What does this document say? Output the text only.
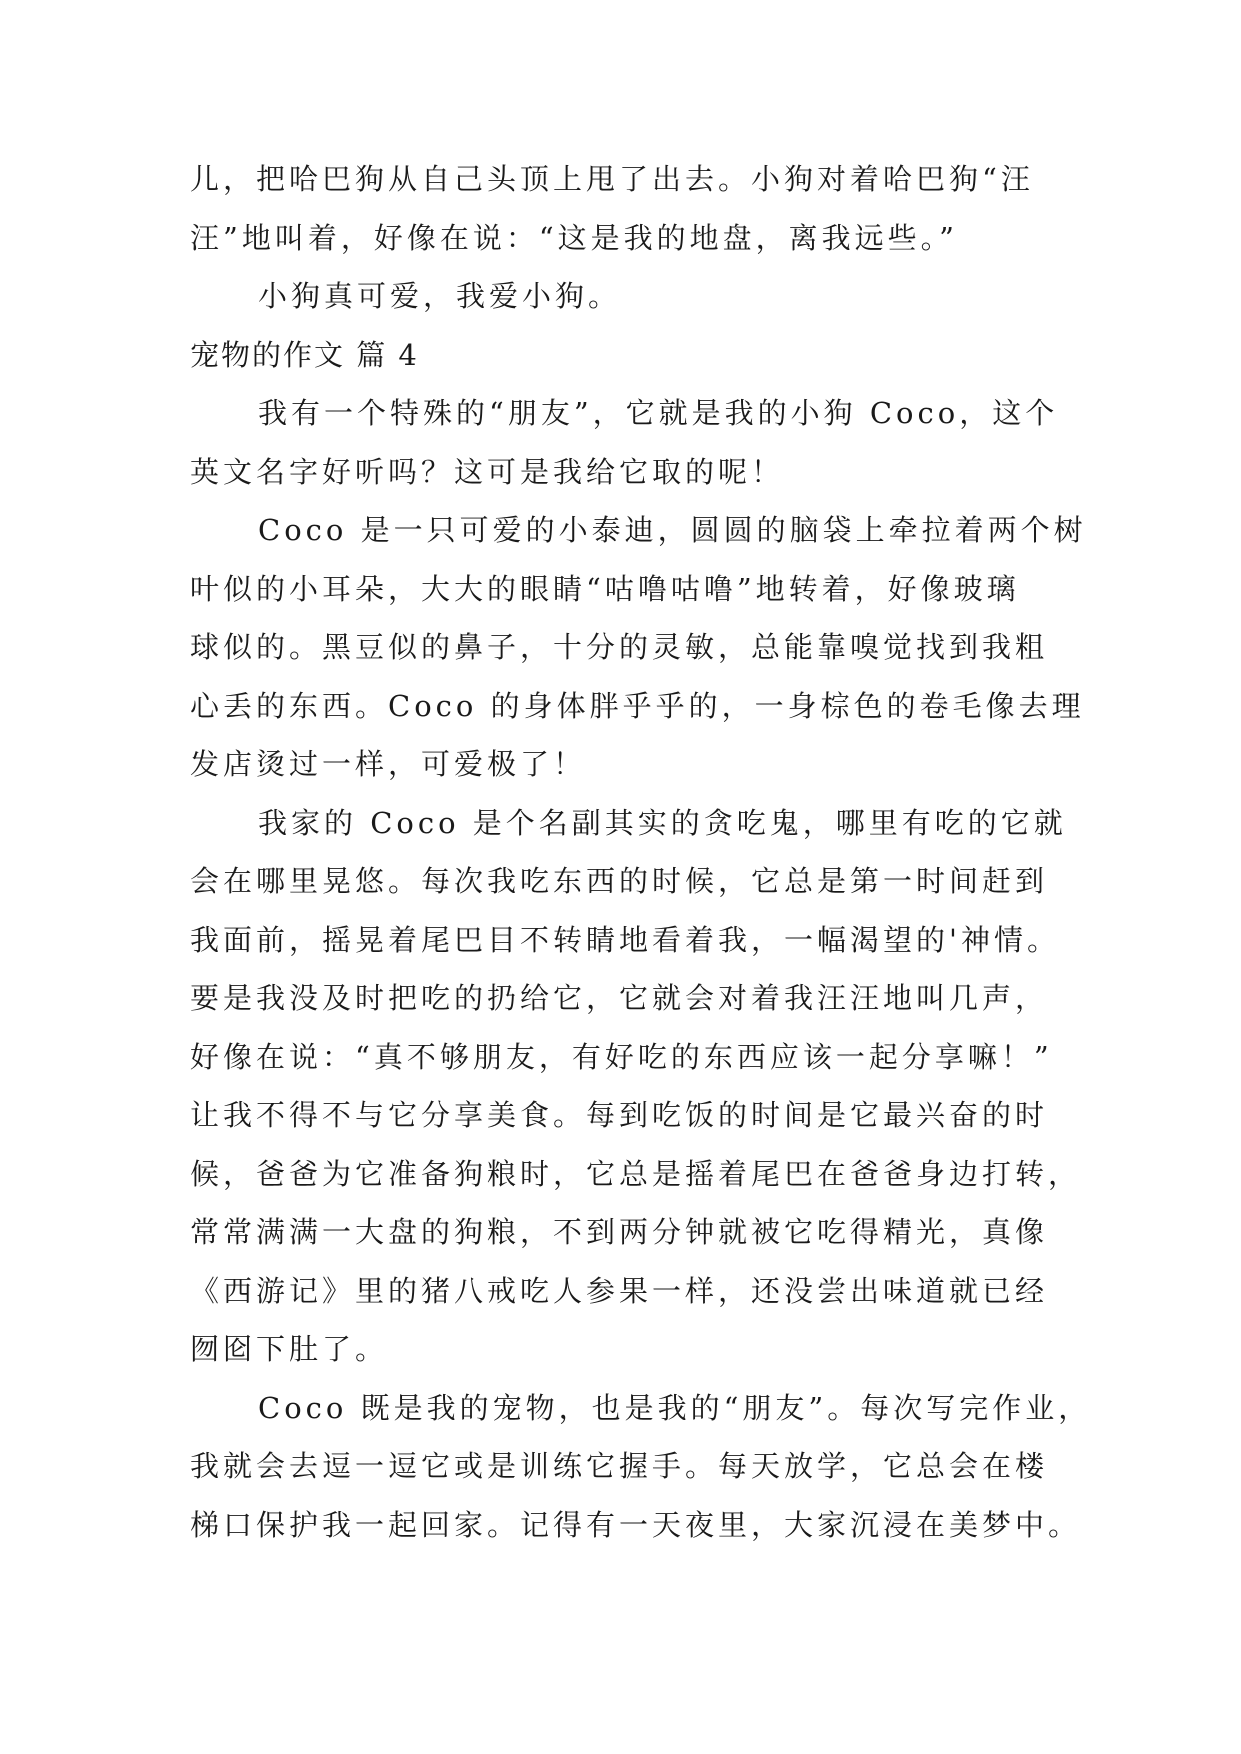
儿，把哈巴狗从自己头顶上甩了出去。小狗对着哈巴狗“汪
汪”地叫着，好像在说：“这是我的地盘，离我远些。”
小狗真可爱，我爱小狗。
宠物的作文 篇 4
我有一个特殊的“朋友”，它就是我的小狗 Coco，这个
英文名字好听吗？这可是我给它取的呢！
Coco 是一只可爱的小泰迪，圆圆的脑袋上牵拉着两个树
叶似的小耳朵，大大的眼睛“咕噜咕噜”地转着，好像玻璃
球似的。黑豆似的鼻子，十分的灵敏，总能靠嗅觉找到我粗
心丢的东西。Coco 的身体胖乎乎的，一身棕色的卷毛像去理
发店烫过一样，可爱极了！
我家的 Coco 是个名副其实的贪吃鬼，哪里有吃的它就
会在哪里晃悠。每次我吃东西的时候，它总是第一时间赶到
我面前，摇晃着尾巴目不转睛地看着我，一幅渴望的'神情。
要是我没及时把吃的扔给它，它就会对着我汪汪地叫几声，
好像在说：“真不够朋友，有好吃的东西应该一起分享嘛！”
让我不得不与它分享美食。每到吃饭的时间是它最兴奋的时
候，爸爸为它准备狗粮时，它总是摇着尾巴在爸爸身边打转，
常常满满一大盘的狗粮，不到两分钟就被它吃得精光，真像
《西游记》里的猪八戒吃人参果一样，还没尝出味道就已经
囫囵下肚了。
Coco 既是我的宠物，也是我的“朋友”。每次写完作业，
我就会去逗一逗它或是训练它握手。每天放学，它总会在楼
梯口保护我一起回家。记得有一天夜里，大家沉浸在美梦中。
